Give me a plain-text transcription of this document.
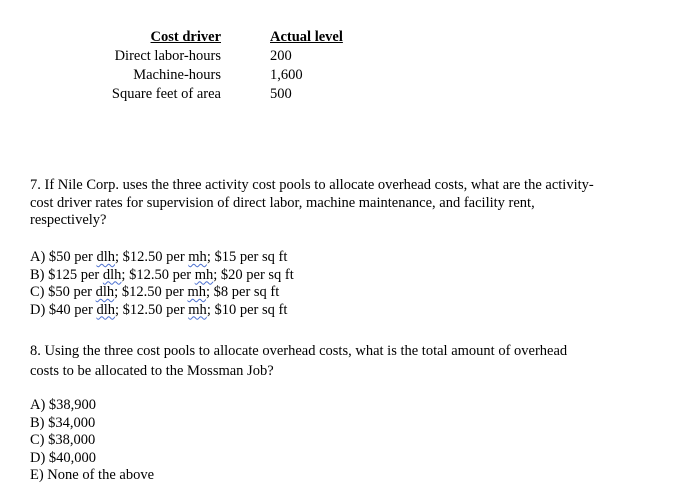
Cost driver	Actual level
Direct labor-hours	200
Machine-hours	1,600
Square feet of area	500
7. If Nile Corp. uses the three activity cost pools to allocate overhead costs, what are the activity-
cost driver rates for supervision of direct labor, machine maintenance, and facility rent,
respectively?
A) $50 per dlh; $12.50 per mh; $15 per sq ft
B) $125 per dlh; $12.50 per mh; $20 per sq ft
C) $50 per dlh; $12.50 per mh; $8 per sq ft
D) $40 per dlh; $12.50 per mh; $10 per sq ft
8. Using the three cost pools to allocate overhead costs, what is the total amount of overhead
costs to be allocated to the Mossman Job?
A) $38,900
B) $34,000
C) $38,000
D) $40,000
E) None of the above
